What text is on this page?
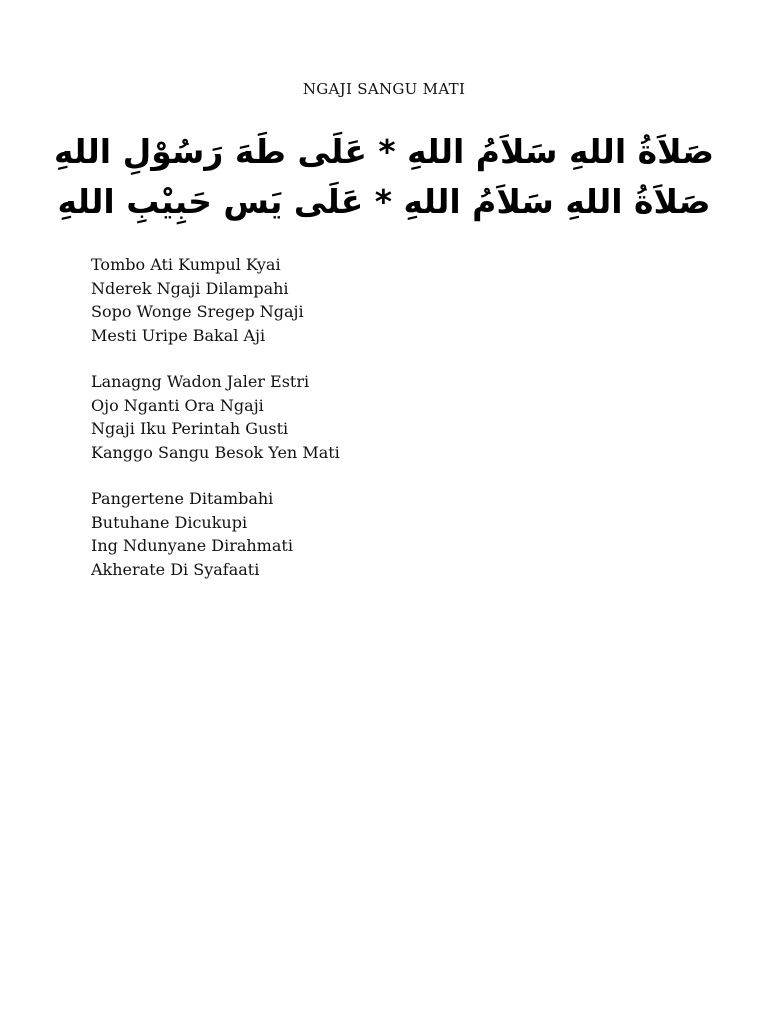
NGAJI SANGU MATI
صَلاَةُ اللهِ سَلاَمُ اللهِ * عَلَى طَهَ رَسُوْلِ اللهِ
صَلاَةُ اللهِ سَلاَمُ اللهِ * عَلَى يَس حَبِيْبِ اللهِ
Tombo Ati Kumpul Kyai
Nderek Ngaji Dilampahi
Sopo Wonge Sregep Ngaji
Mesti Uripe Bakal Aji
Lanagng Wadon Jaler Estri
Ojo Nganti Ora Ngaji
Ngaji Iku Perintah Gusti
Kanggo Sangu Besok Yen Mati
Pangertene Ditambahi
Butuhane Dicukupi
Ing Ndunyane Dirahmati
Akherate Di Syafaati
